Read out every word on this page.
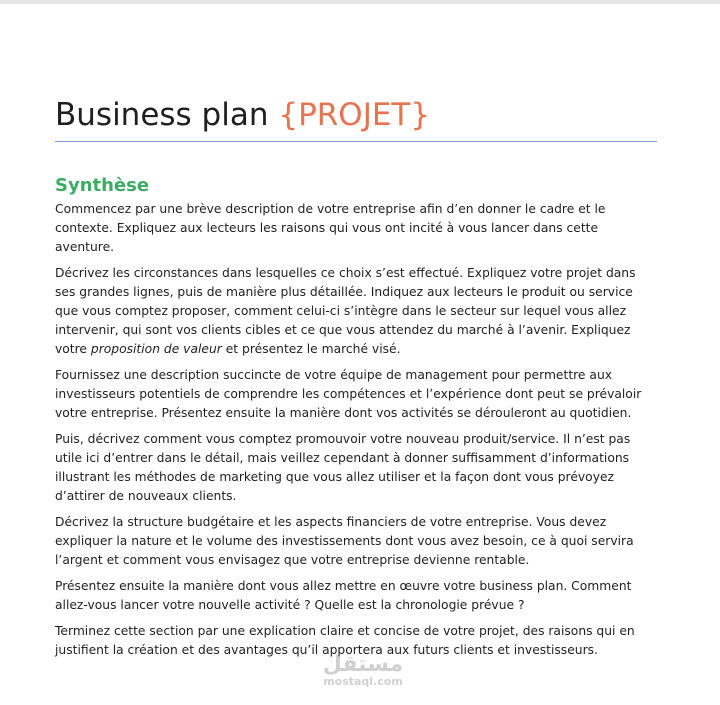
Business plan {PROJET}
Synthèse

Commencez par une brève description de votre entreprise afin d’en donner le cadre et le contexte. Expliquez aux lecteurs les raisons qui vous ont incité à vous lancer dans cette aventure.

Décrivez les circonstances dans lesquelles ce choix s’est effectué. Expliquez votre projet dans ses grandes lignes, puis de manière plus détaillée. Indiquez aux lecteurs le produit ou service que vous comptez proposer, comment celui-ci s’intègre dans le secteur sur lequel vous allez intervenir, qui sont vos clients cibles et ce que vous attendez du marché à l’avenir. Expliquez votre proposition de valeur et présentez le marché visé.

Fournissez une description succincte de votre équipe de management pour permettre aux investisseurs potentiels de comprendre les compétences et l’expérience dont peut se prévaloir votre entreprise. Présentez ensuite la manière dont vos activités se dérouleront au quotidien.

Puis, décrivez comment vous comptez promouvoir votre nouveau produit/service. Il n’est pas utile ici d’entrer dans le détail, mais veillez cependant à donner suffisamment d’informations illustrant les méthodes de marketing que vous allez utiliser et la façon dont vous prévoyez d’attirer de nouveaux clients.

Décrivez la structure budgétaire et les aspects financiers de votre entreprise. Vous devez expliquer la nature et le volume des investissements dont vous avez besoin, ce à quoi servira l’argent et comment vous envisagez que votre entreprise devienne rentable.

Présentez ensuite la manière dont vous allez mettre en œuvre votre business plan. Comment allez-vous lancer votre nouvelle activité ? Quelle est la chronologie prévue ?

Terminez cette section par une explication claire et concise de votre projet, des raisons qui en justifient la création et des avantages qu’il apportera aux futurs clients et investisseurs.

مستقل
mostaql.com
